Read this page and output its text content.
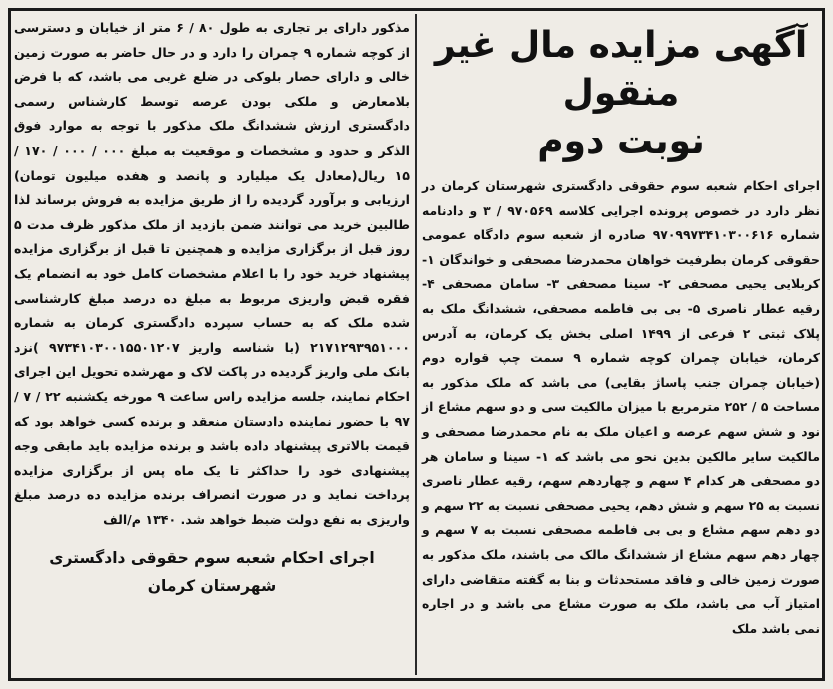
آگهی مزایده مال غیر منقول
نوبت دوم

اجرای احکام شعبه سوم حقوقی دادگستری شهرستان کرمان در نظر دارد در خصوص پرونده اجرایی کلاسه ۹۷۰۵۶۹ / ۳ و دادنامه شماره ۹۷۰۹۹۷۳۴۱۰۳۰۰۶۱۶ صادره از شعبه سوم دادگاه عمومی حقوقی کرمان بطرفیت خواهان محمدرضا مصحفی و خواندگان ۱- کربلایی یحیی مصحفی ۲- سینا مصحفی ۳- سامان مصحفی ۴- رقیه عطار ناصری ۵- بی بی فاطمه مصحفی، ششدانگ ملک به پلاک ثبتی ۲ فرعی از ۱۴۹۹ اصلی بخش یک کرمان، به آدرس کرمان، خیابان چمران کوچه شماره ۹ سمت چپ قواره دوم (خیابان چمران جنب پاساژ بقایی) می باشد که ملک مذکور به مساحت ۵ / ۲۵۲ مترمربع با میزان مالکیت سی و دو سهم مشاع از نود و شش سهم عرصه و اعیان ملک به نام محمدرضا مصحفی و مالکیت سایر مالکین بدین نحو می باشد که ۱- سینا و سامان هر دو مصحفی هر کدام ۴ سهم و چهاردهم سهم، رقیه عطار ناصری نسبت به ۲۵ سهم و شش دهم، یحیی مصحفی نسبت به ۲۲ سهم و دو دهم سهم مشاع و بی بی فاطمه مصحفی نسبت به ۷ سهم و چهار دهم سهم مشاع از ششدانگ مالک می باشند، ملک مذکور به صورت زمین خالی و فاقد مستحدثات و بنا به گفته متقاضی دارای امتیاز آب می باشد، ملک به صورت مشاع می باشد و در اجاره نمی باشد ملک

مذکور دارای بر تجاری به طول ۸۰ / ۶ متر از خیابان و دسترسی از کوچه شماره ۹ چمران را دارد و در حال حاضر به صورت زمین خالی و دارای حصار بلوکی در ضلع غربی می باشد، که با فرض بلامعارض و ملکی بودن عرصه توسط کارشناس رسمی دادگستری ارزش ششدانگ ملک مذکور با توجه به موارد فوق الذکر و حدود و مشخصات و موقعیت به مبلغ ۰۰۰ / ۰۰۰ / ۱۷۰ / ۱۵ ریال(معادل یک میلیارد و پانصد و هفده میلیون تومان) ارزیابی و برآورد گردیده را از طریق مزایده به فروش برساند لذا طالبین خرید می توانند ضمن بازدید از ملک مذکور ظرف مدت ۵ روز قبل از برگزاری مزایده و همچنین تا قبل از برگزاری مزایده پیشنهاد خرید خود را با اعلام مشخصات کامل خود به انضمام یک فقره قبض واریزی مربوط به مبلغ ده درصد مبلغ کارشناسی شده ملک که به حساب سپرده دادگستری کرمان به شماره ۲۱۷۱۲۹۳۹۵۱۰۰۰ (با شناسه واریز ۹۷۳۴۱۰۳۰۰۱۵۵۰۱۲۰۷ )نزد بانک ملی واریز گردیده در پاکت لاک و مهرشده تحویل این اجرای احکام نمایند، جلسه مزایده راس ساعت ۹ مورخه یکشنبه ۲۲ / ۷ / ۹۷ با حضور نماینده دادستان منعقد و برنده کسی خواهد بود که قیمت بالاتری پیشنهاد داده باشد و برنده مزایده باید مابقی وجه پیشنهادی خود را حداکثر تا یک ماه پس از برگزاری مزایده پرداخت نماید و در صورت انصراف برنده مزایده ده درصد مبلغ واریزی به نفع دولت ضبط خواهد شد. ۱۳۴۰ م/الف

اجرای احکام شعبه سوم حقوقی دادگستری

شهرستان کرمان
